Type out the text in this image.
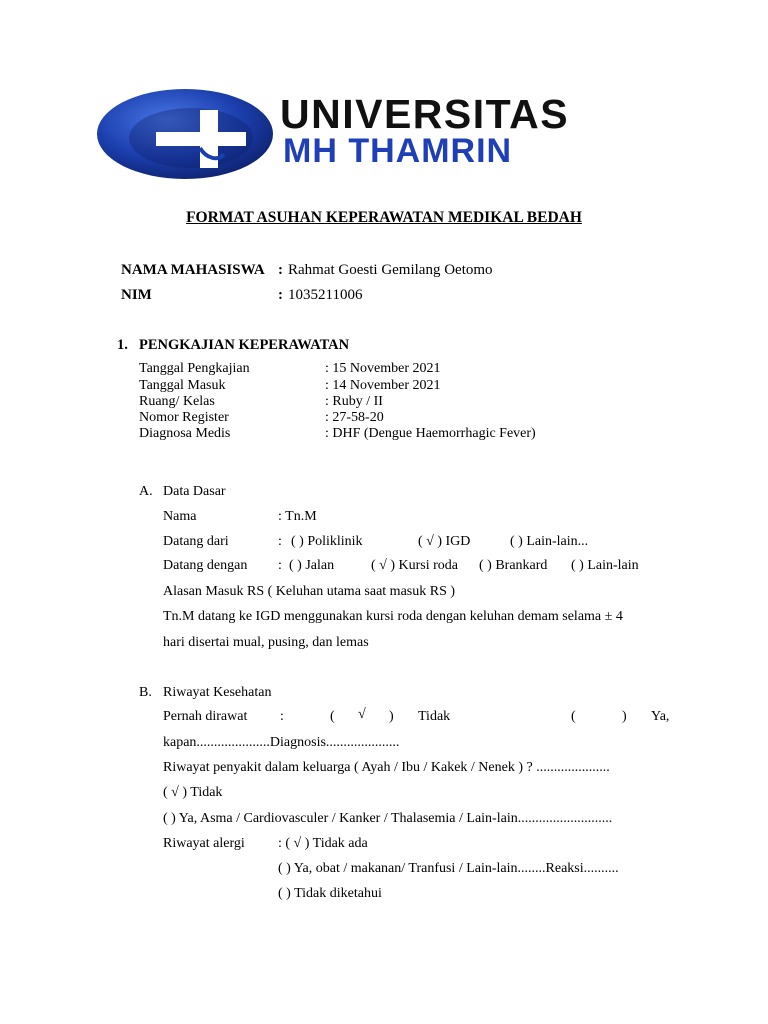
UNIVERSITAS
MH THAMRIN
FORMAT ASUHAN KEPERAWATAN MEDIKAL BEDAH
NAMA MAHASISWA : Rahmat Goesti Gemilang Oetomo
NIM	: 1035211006
1. PENGKAJIAN KEPERAWATAN
Tanggal Pengkajian	: 15 November 2021
Tanggal Masuk	: 14 November 2021
Ruang/ Kelas	: Ruby / II
Nomor Register	: 27-58-20
Diagnosa Medis	: DHF (Dengue Haemorrhagic Fever)
A. Data Dasar
Nama	: Tn.M
Datang dari	: ( ) Poliklinik	( √ ) IGD	( ) Lain-lain...
Datang dengan : ( ) Jalan	( √ ) Kursi roda ( ) Brankard ( ) Lain-lain
Alasan Masuk RS ( Keluhan utama saat masuk RS )
Tn.M datang ke IGD menggunakan kursi roda dengan keluhan demam selama ± 4
hari disertai mual, pusing, dan lemas
B. Riwayat Kesehatan
Pernah dirawat :	( √ ) Tidak	(	) Ya,
kapan.....................Diagnosis.....................
Riwayat penyakit dalam keluarga ( Ayah / Ibu / Kakek / Nenek ) ? .....................
( √ ) Tidak
( ) Ya, Asma / Cardiovasculer / Kanker / Thalasemia / Lain-lain...........................
Riwayat alergi : ( √ ) Tidak ada
( ) Ya, obat / makanan/ Tranfusi / Lain-lain........Reaksi..........
( ) Tidak diketahui
